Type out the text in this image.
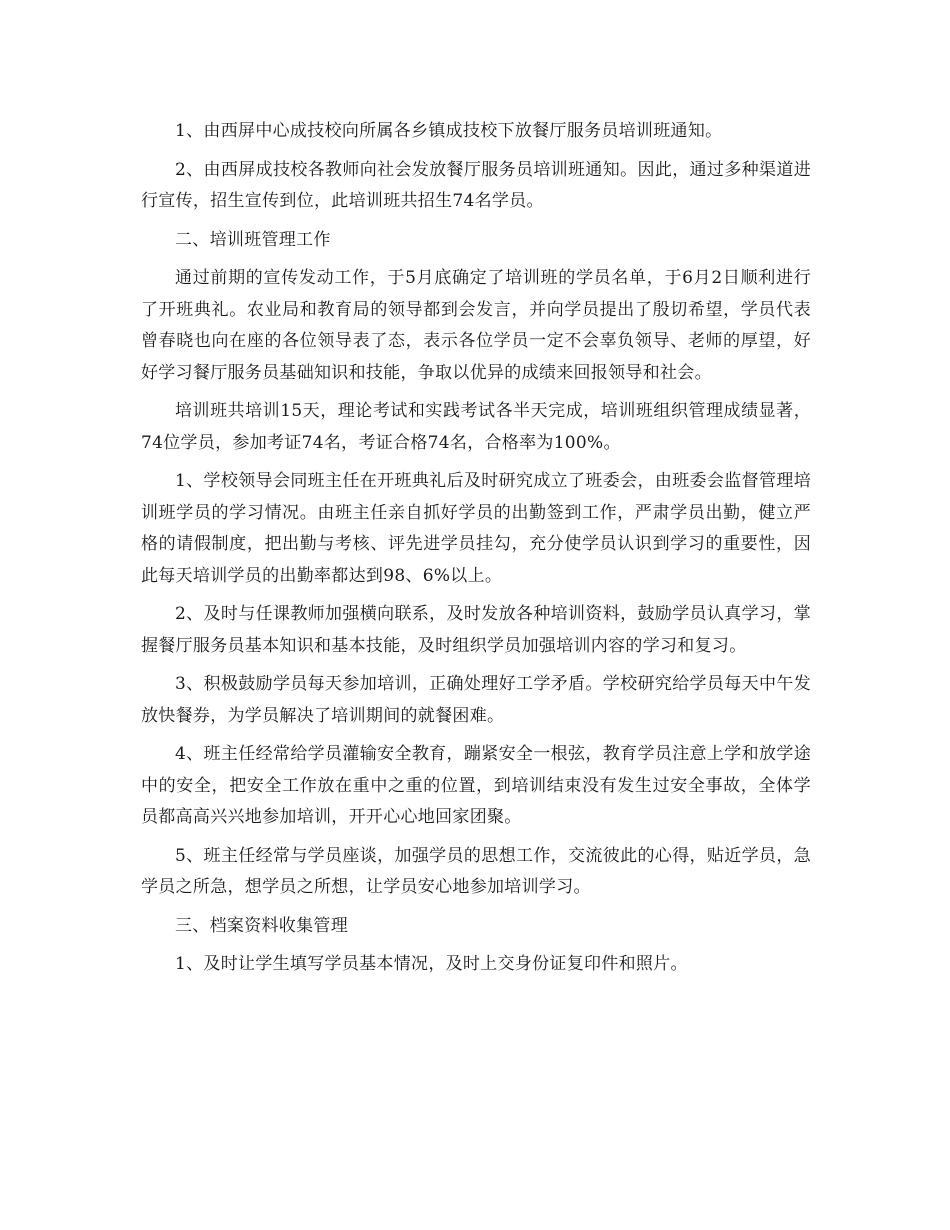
1、由西屏中心成技校向所属各乡镇成技校下放餐厅服务员培训班通知。

2、由西屏成技校各教师向社会发放餐厅服务员培训班通知。因此，通过多种渠道进行宣传，招生宣传到位，此培训班共招生74名学员。

二、培训班管理工作

通过前期的宣传发动工作，于5月底确定了培训班的学员名单，于6月2日顺利进行了开班典礼。农业局和教育局的领导都到会发言，并向学员提出了殷切希望，学员代表曾春晓也向在座的各位领导表了态，表示各位学员一定不会辜负领导、老师的厚望，好好学习餐厅服务员基础知识和技能，争取以优异的成绩来回报领导和社会。

培训班共培训15天，理论考试和实践考试各半天完成，培训班组织管理成绩显著，74位学员，参加考证74名，考证合格74名，合格率为100%。

1、学校领导会同班主任在开班典礼后及时研究成立了班委会，由班委会监督管理培训班学员的学习情况。由班主任亲自抓好学员的出勤签到工作，严肃学员出勤，健立严格的请假制度，把出勤与考核、评先进学员挂勾，充分使学员认识到学习的重要性，因此每天培训学员的出勤率都达到98、6%以上。

2、及时与任课教师加强横向联系，及时发放各种培训资料，鼓励学员认真学习，掌握餐厅服务员基本知识和基本技能，及时组织学员加强培训内容的学习和复习。

3、积极鼓励学员每天参加培训，正确处理好工学矛盾。学校研究给学员每天中午发放快餐券，为学员解决了培训期间的就餐困难。

4、班主任经常给学员灌输安全教育，蹦紧安全一根弦，教育学员注意上学和放学途中的安全，把安全工作放在重中之重的位置，到培训结束没有发生过安全事故，全体学员都高高兴兴地参加培训，开开心心地回家团聚。

5、班主任经常与学员座谈，加强学员的思想工作，交流彼此的心得，贴近学员，急学员之所急，想学员之所想，让学员安心地参加培训学习。

三、档案资料收集管理

1、及时让学生填写学员基本情况，及时上交身份证复印件和照片。
